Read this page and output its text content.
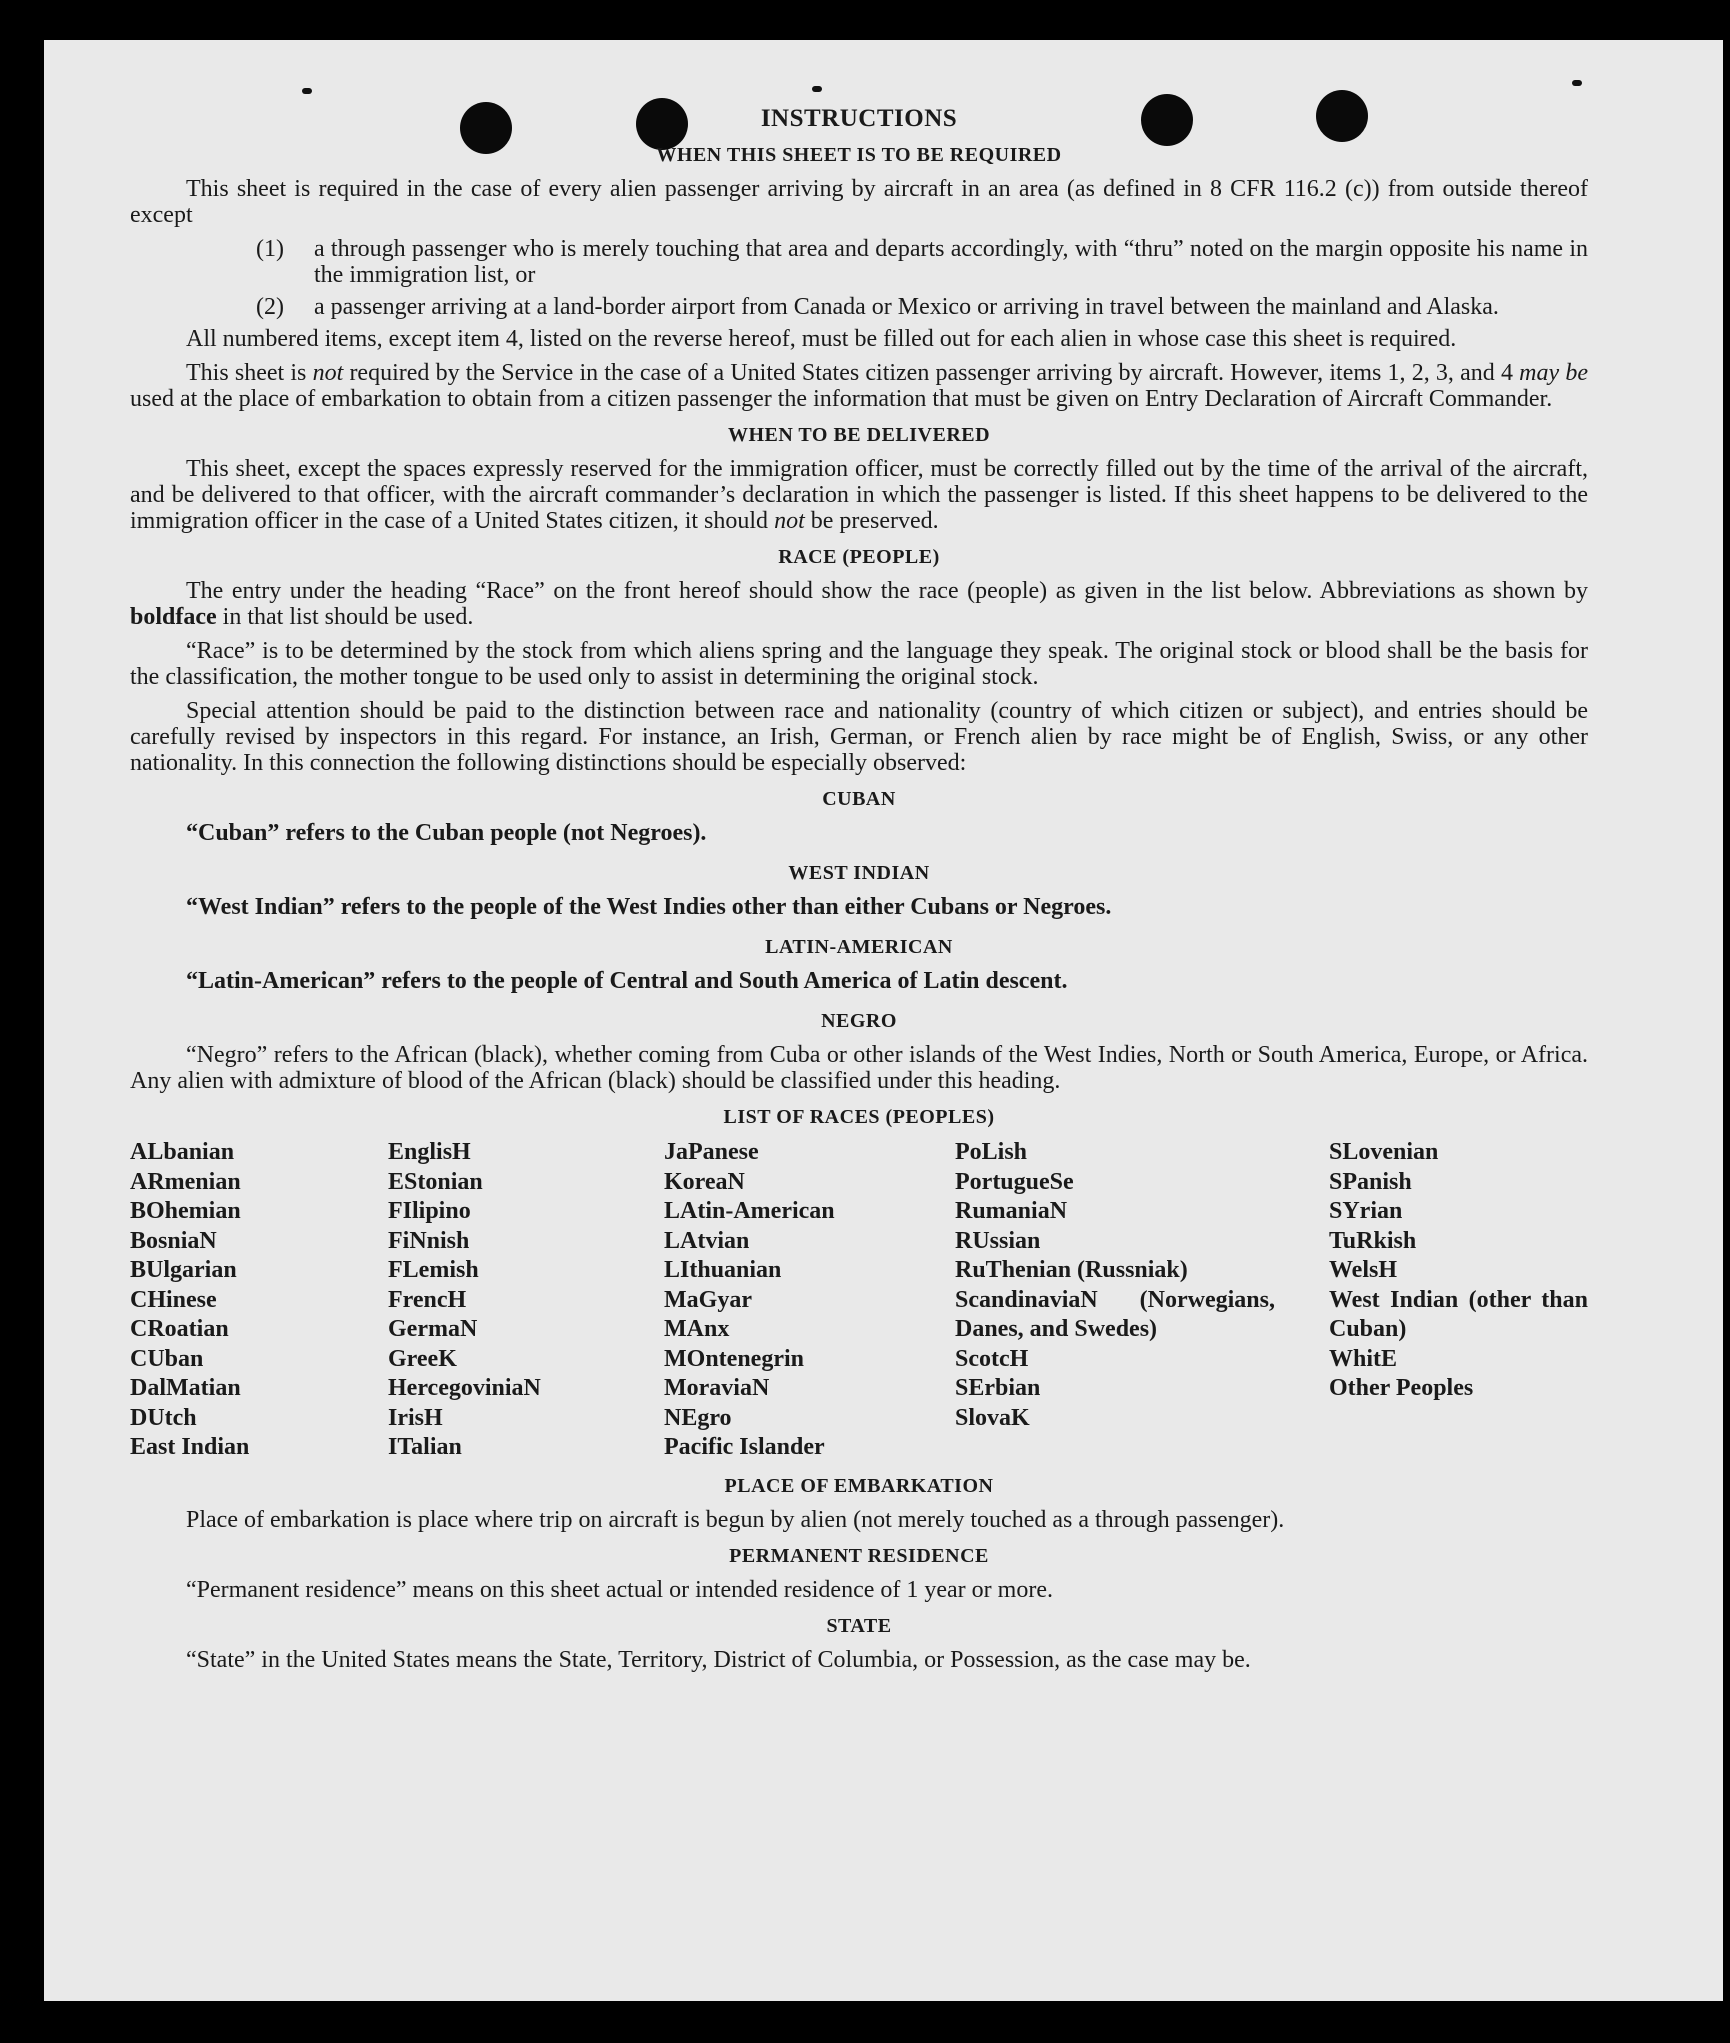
INSTRUCTIONS
WHEN THIS SHEET IS TO BE REQUIRED

This sheet is required in the case of every alien passenger arriving by aircraft in an area (as defined in 8 CFR 116.2 (c)) from outside thereof except

(1)	a through passenger who is merely touching that area and departs accordingly, with “thru” noted on the margin opposite his name in the immigration list, or
(2)	a passenger arriving at a land-border airport from Canada or Mexico or arriving in travel between the mainland and Alaska.

All numbered items, except item 4, listed on the reverse hereof, must be filled out for each alien in whose case this sheet is required.

This sheet is not required by the Service in the case of a United States citizen passenger arriving by aircraft. However, items 1, 2, 3, and 4 may be used at the place of embarkation to obtain from a citizen passenger the information that must be given on Entry Declaration of Aircraft Commander.

WHEN TO BE DELIVERED

This sheet, except the spaces expressly reserved for the immigration officer, must be correctly filled out by the time of the arrival of the aircraft, and be delivered to that officer, with the aircraft commander’s declaration in which the passenger is listed. If this sheet happens to be delivered to the immigration officer in the case of a United States citizen, it should not be preserved.

RACE (PEOPLE)

The entry under the heading “Race” on the front hereof should show the race (people) as given in the list below. Abbreviations as shown by boldface in that list should be used.

“Race” is to be determined by the stock from which aliens spring and the language they speak. The original stock or blood shall be the basis for the classification, the mother tongue to be used only to assist in determining the original stock.

Special attention should be paid to the distinction between race and nationality (country of which citizen or subject), and entries should be carefully revised by inspectors in this regard. For instance, an Irish, German, or French alien by race might be of English, Swiss, or any other nationality. In this connection the following distinctions should be especially observed:

CUBAN
“Cuban” refers to the Cuban people (not Negroes).
WEST INDIAN
“West Indian” refers to the people of the West Indies other than either Cubans or Negroes.
LATIN-AMERICAN
“Latin-American” refers to the people of Central and South America of Latin descent.
NEGRO

“Negro” refers to the African (black), whether coming from Cuba or other islands of the West Indies, North or South America, Europe, or Africa. Any alien with admixture of blood of the African (black) should be classified under this heading.

LIST OF RACES (PEOPLES)
ALbanian
ARmenian
BOhemian
BosniaN
BUlgarian
CHinese
CRoatian
CUban
DalMatian
DUtch
East Indian
EnglisH
EStonian
FIlipino
FiNnish
FLemish
FrencH
GermaN
GreeK
HercegoviniaN
IrisH
ITalian
JaPanese
KoreaN
LAtin-American
LAtvian
LIthuanian
MaGyar
MAnx
MOntenegrin
MoraviaN
NEgro
Pacific Islander
PoLish
PortugueSe
RumaniaN
RUssian
RuThenian (Russniak)
ScandinaviaN (Norwegians, Danes, and Swedes)
ScotcH
SErbian
SlovaK
SLovenian
SPanish
SYrian
TuRkish
WelsH
West Indian (other than Cuban)
WhitE
Other Peoples
PLACE OF EMBARKATION

Place of embarkation is place where trip on aircraft is begun by alien (not merely touched as a through passenger).

PERMANENT RESIDENCE

“Permanent residence” means on this sheet actual or intended residence of 1 year or more.

STATE

“State” in the United States means the State, Territory, District of Columbia, or Possession, as the case may be.
